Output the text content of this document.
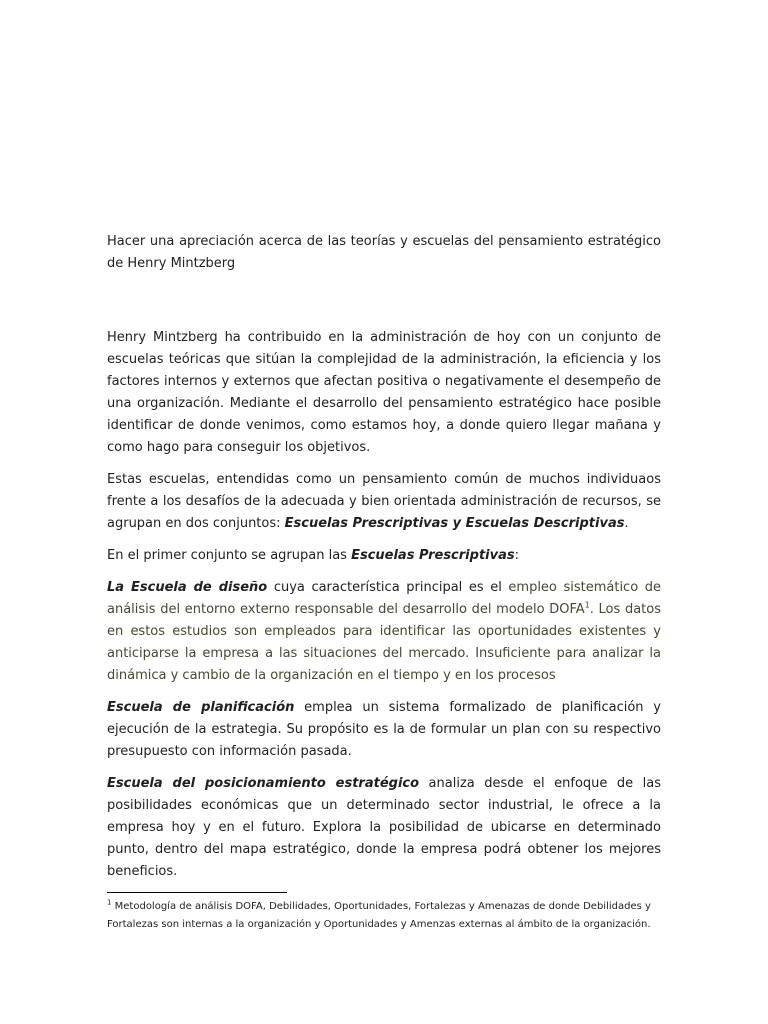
Hacer una apreciación acerca de las teorías y escuelas del pensamiento estratégico de Henry Mintzberg

Henry Mintzberg ha contribuido en la administración de hoy con un conjunto de escuelas teóricas que sitúan la complejidad de la administración, la eficiencia y los factores internos y externos que afectan positiva o negativamente el desempeño de una organización. Mediante el desarrollo del pensamiento estratégico hace posible identificar de donde venimos, como estamos hoy, a donde quiero llegar mañana y como hago para conseguir los objetivos.

Estas escuelas, entendidas como un pensamiento común de muchos individuaos frente a los desafíos de la adecuada y bien orientada administración de recursos, se agrupan en dos conjuntos: Escuelas Prescriptivas y Escuelas Descriptivas.

En el primer conjunto se agrupan las Escuelas Prescriptivas:

La Escuela de diseño cuya característica principal es el empleo sistemático de análisis del entorno externo responsable del desarrollo del modelo DOFA$^1$. Los datos en estos estudios son empleados para identificar las oportunidades existentes y anticiparse la empresa a las situaciones del mercado. Insuficiente para analizar la dinámica y cambio de la organización en el tiempo y en los procesos

Escuela de planificación emplea un sistema formalizado de planificación y ejecución de la estrategia. Su propósito es la de formular un plan con su respectivo presupuesto con información pasada.

Escuela del posicionamiento estratégico analiza desde el enfoque de las posibilidades económicas que un determinado sector industrial, le ofrece a la empresa hoy y en el futuro. Explora la posibilidad de ubicarse en determinado punto, dentro del mapa estratégico, donde la empresa podrá obtener los mejores beneficios.

$^1$ Metodología de análisis DOFA, Debilidades, Oportunidades, Fortalezas y Amenazas de donde Debilidades y Fortalezas son internas a la organización y Oportunidades y Amenzas externas al ámbito de la organización.
